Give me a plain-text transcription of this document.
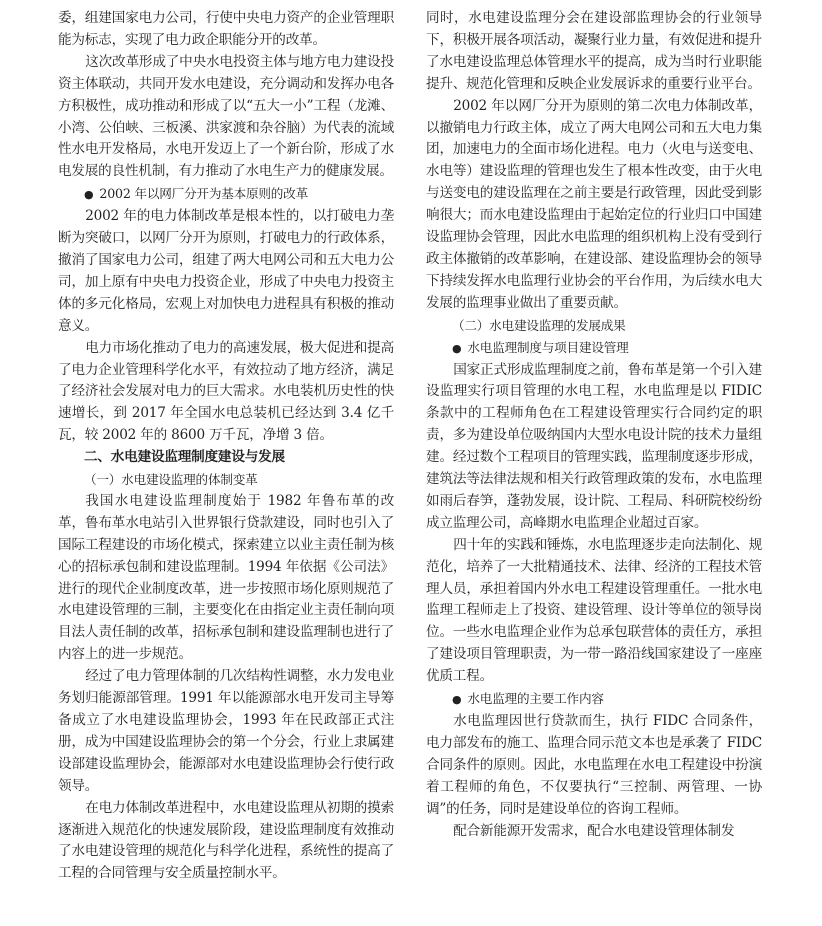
委，组建国家电力公司，行使中央电力资产的企业管理职能为标志，实现了电力政企职能分开的改革。

这次改革形成了中央水电投资主体与地方电力建设投资主体联动，共同开发水电建设，充分调动和发挥办电各方积极性，成功推动和形成了以“五大一小”工程（龙滩、小湾、公伯峡、三板溪、洪家渡和杂谷脑）为代表的流域性水电开发格局，水电开发迈上了一个新台阶，形成了水电发展的良性机制，有力推动了水电生产力的健康发展。

● 2002 年以网厂分开为基本原则的改革

2002 年的电力体制改革是根本性的，以打破电力垄断为突破口，以网厂分开为原则，打破电力的行政体系，撤消了国家电力公司，组建了两大电网公司和五大电力公司，加上原有中央电力投资企业，形成了中央电力投资主体的多元化格局，宏观上对加快电力进程具有积极的推动意义。

电力市场化推动了电力的高速发展，极大促进和提高了电力企业管理科学化水平，有效拉动了地方经济，满足了经济社会发展对电力的巨大需求。水电装机历史性的快速增长，到 2017 年全国水电总装机已经达到 3.4 亿千瓦，较 2002 年的 8600 万千瓦，净增 3 倍。

二、水电建设监理制度建设与发展
（一）水电建设监理的体制变革

我国水电建设监理制度始于 1982 年鲁布革的改革，鲁布革水电站引入世界银行贷款建设，同时也引入了国际工程建设的市场化模式，探索建立以业主责任制为核心的招标承包制和建设监理制。1994 年依据《公司法》进行的现代企业制度改革，进一步按照市场化原则规范了水电建设管理的三制，主要变化在由指定业主责任制向项目法人责任制的改革，招标承包制和建设监理制也进行了内容上的进一步规范。

经过了电力管理体制的几次结构性调整，水力发电业务划归能源部管理。1991 年以能源部水电开发司主导筹备成立了水电建设监理协会，1993 年在民政部正式注册，成为中国建设监理协会的第一个分会，行业上隶属建设部建设监理协会，能源部对水电建设监理协会行使行政领导。

在电力体制改革进程中，水电建设监理从初期的摸索逐渐进入规范化的快速发展阶段，建设监理制度有效推动了水电建设管理的规范化与科学化进程，系统性的提高了工程的合同管理与安全质量控制水平。

同时，水电建设监理分会在建设部监理协会的行业领导下，积极开展各项活动，凝聚行业力量，有效促进和提升了水电建设监理总体管理水平的提高，成为当时行业职能提升、规范化管理和反映企业发展诉求的重要行业平台。

2002 年以网厂分开为原则的第二次电力体制改革，以撤销电力行政主体，成立了两大电网公司和五大电力集团，加速电力的全面市场化进程。电力（火电与送变电、水电等）建设监理的管理也发生了根本性改变，由于火电与送变电的建设监理在之前主要是行政管理，因此受到影响很大；而水电建设监理由于起始定位的行业归口中国建设监理协会管理，因此水电监理的组织机构上没有受到行政主体撤销的改革影响，在建设部、建设监理协会的领导下持续发挥水电监理行业协会的平台作用，为后续水电大发展的监理事业做出了重要贡献。

（二）水电建设监理的发展成果
● 水电监理制度与项目建设管理

国家正式形成监理制度之前，鲁布革是第一个引入建设监理实行项目管理的水电工程，水电监理是以 FIDIC 条款中的工程师角色在工程建设管理实行合同约定的职责，多为建设单位吸纳国内大型水电设计院的技术力量组建。经过数个工程项目的管理实践，监理制度逐步形成，建筑法等法律法规和相关行政管理政策的发布，水电监理如雨后春笋，蓬勃发展，设计院、工程局、科研院校纷纷成立监理公司，高峰期水电监理企业超过百家。

四十年的实践和锤炼，水电监理逐步走向法制化、规范化，培养了一大批精通技术、法律、经济的工程技术管理人员，承担着国内外水电工程建设管理重任。一批水电监理工程师走上了投资、建设管理、设计等单位的领导岗位。一些水电监理企业作为总承包联营体的责任方，承担了建设项目管理职责，为一带一路沿线国家建设了一座座优质工程。

● 水电监理的主要工作内容

水电监理因世行贷款而生，执行 FIDC 合同条件，电力部发布的施工、监理合同示范文本也是承袭了 FIDC 合同条件的原则。因此，水电监理在水电工程建设中扮演着工程师的角色，不仅要执行“三控制、两管理、一协调”的任务，同时是建设单位的咨询工程师。

配合新能源开发需求，配合水电建设管理体制发
